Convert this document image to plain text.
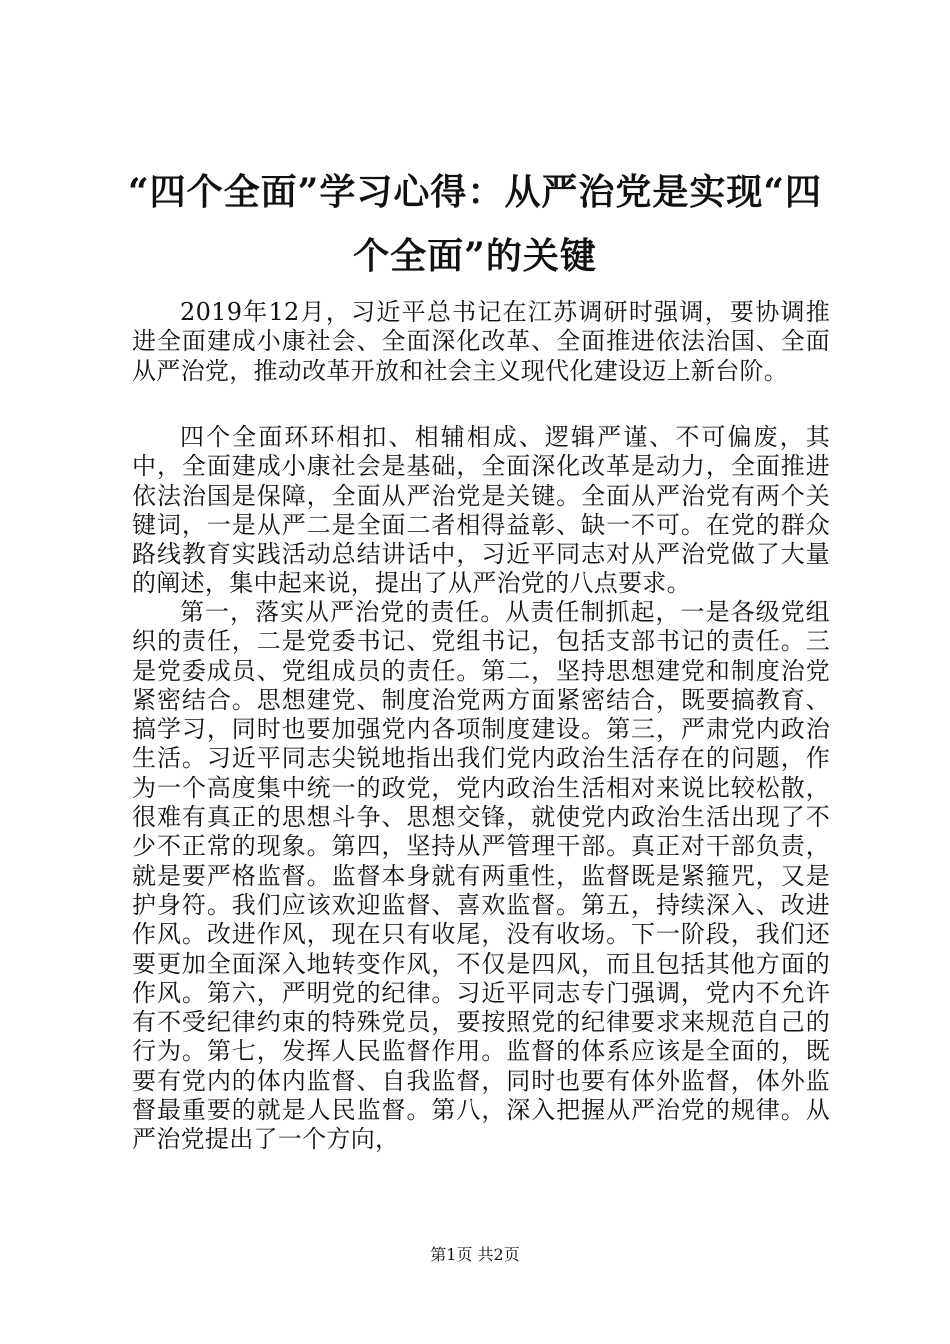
“四个全面”学习心得：从严治党是实现“四
个全面”的关键

2019年12月，习近平总书记在江苏调研时强调，要协调推进全面建成小康社会、全面深化改革、全面推进依法治国、全面从严治党，推动改革开放和社会主义现代化建设迈上新台阶。

四个全面环环相扣、相辅相成、逻辑严谨、不可偏废，其中，全面建成小康社会是基础，全面深化改革是动力，全面推进依法治国是保障，全面从严治党是关键。全面从严治党有两个关键词，一是从严二是全面二者相得益彰、缺一不可。在党的群众路线教育实践活动总结讲话中，习近平同志对从严治党做了大量的阐述，集中起来说，提出了从严治党的八点要求。

第一，落实从严治党的责任。从责任制抓起，一是各级党组织的责任，二是党委书记、党组书记，包括支部书记的责任。三是党委成员、党组成员的责任。第二，坚持思想建党和制度治党紧密结合。思想建党、制度治党两方面紧密结合，既要搞教育、搞学习，同时也要加强党内各项制度建设。第三，严肃党内政治生活。习近平同志尖锐地指出我们党内政治生活存在的问题，作为一个高度集中统一的政党，党内政治生活相对来说比较松散，很难有真正的思想斗争、思想交锋，就使党内政治生活出现了不少不正常的现象。第四，坚持从严管理干部。真正对干部负责，就是要严格监督。监督本身就有两重性，监督既是紧箍咒，又是护身符。我们应该欢迎监督、喜欢监督。第五，持续深入、改进作风。改进作风，现在只有收尾，没有收场。下一阶段，我们还要更加全面深入地转变作风，不仅是四风，而且包括其他方面的作风。第六，严明党的纪律。习近平同志专门强调，党内不允许有不受纪律约束的特殊党员，要按照党的纪律要求来规范自己的行为。第七，发挥人民监督作用。监督的体系应该是全面的，既要有党内的体内监督、自我监督，同时也要有体外监督，体外监督最重要的就是人民监督。第八，深入把握从严治党的规律。从严治党提出了一个方向，

第1页 共2页
